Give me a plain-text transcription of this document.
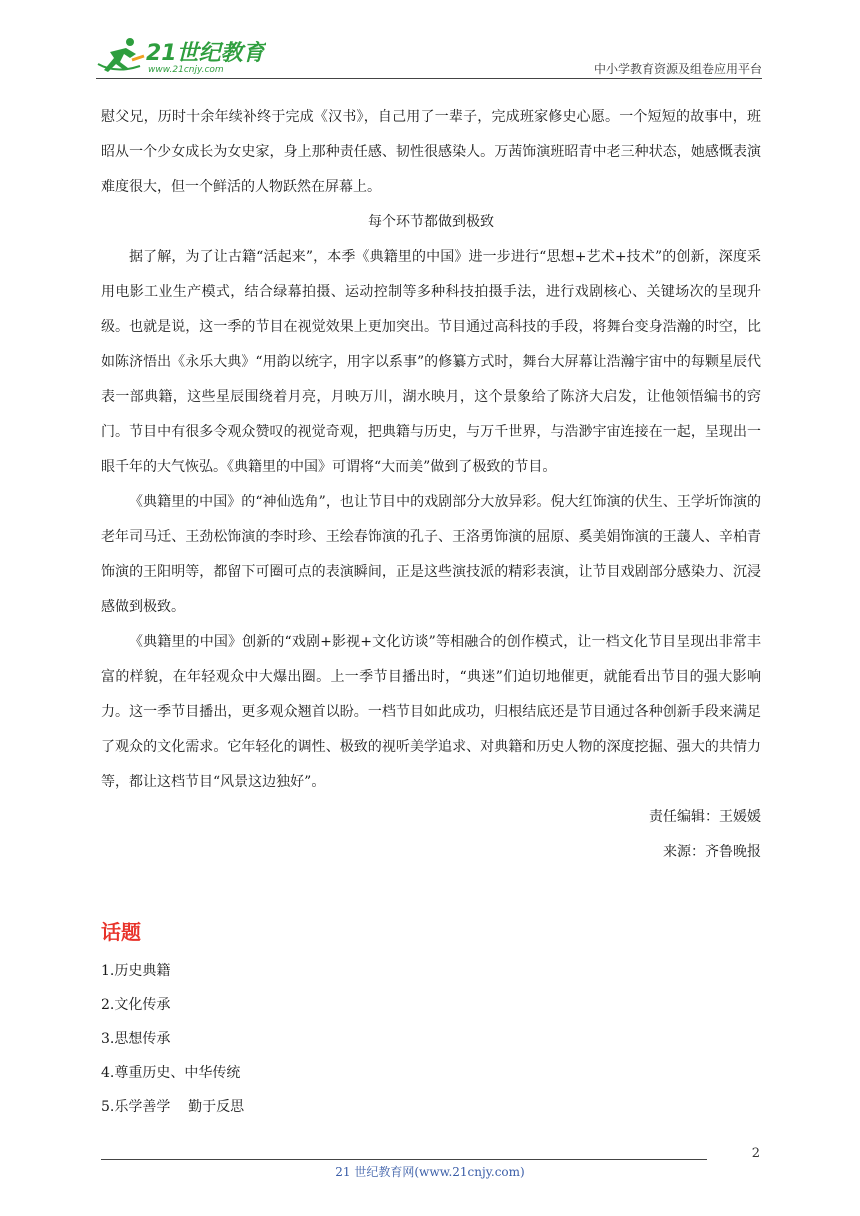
21世纪教育
www.21cnjy.com	中小学教育资源及组卷应用平台

慰父兄，历时十余年续补终于完成《汉书》，自己用了一辈子，完成班家修史心愿。一个短短的故事中，班昭从一个少女成长为女史家，身上那种责任感、韧性很感染人。万茜饰演班昭青中老三种状态，她感慨表演难度很大，但一个鲜活的人物跃然在屏幕上。

每个环节都做到极致

据了解，为了让古籍“活起来”，本季《典籍里的中国》进一步进行“思想+艺术+技术”的创新，深度采用电影工业生产模式，结合绿幕拍摄、运动控制等多种科技拍摄手法，进行戏剧核心、关键场次的呈现升级。也就是说，这一季的节目在视觉效果上更加突出。节目通过高科技的手段，将舞台变身浩瀚的时空，比如陈济悟出《永乐大典》“用韵以统字，用字以系事”的修纂方式时，舞台大屏幕让浩瀚宇宙中的每颗星辰代表一部典籍，这些星辰围绕着月亮，月映万川，湖水映月，这个景象给了陈济大启发，让他领悟编书的窍门。节目中有很多令观众赞叹的视觉奇观，把典籍与历史，与万千世界，与浩渺宇宙连接在一起，呈现出一眼千年的大气恢弘。《典籍里的中国》可谓将“大而美”做到了极致的节目。

《典籍里的中国》的“神仙选角”，也让节目中的戏剧部分大放异彩。倪大红饰演的伏生、王学圻饰演的老年司马迁、王劲松饰演的李时珍、王绘春饰演的孔子、王洛勇饰演的屈原、奚美娟饰演的王蘐人、辛柏青饰演的王阳明等，都留下可圈可点的表演瞬间，正是这些演技派的精彩表演，让节目戏剧部分感染力、沉浸感做到极致。

《典籍里的中国》创新的“戏剧+影视+文化访谈”等相融合的创作模式，让一档文化节目呈现出非常丰富的样貌，在年轻观众中大爆出圈。上一季节目播出时，“典迷”们迫切地催更，就能看出节目的强大影响力。这一季节目播出，更多观众翘首以盼。一档节目如此成功，归根结底还是节目通过各种创新手段来满足了观众的文化需求。它年轻化的调性、极致的视听美学追求、对典籍和历史人物的深度挖掘、强大的共情力等，都让这档节目“风景这边独好”。

责任编辑：王媛媛

来源：齐鲁晚报

话题
1.历史典籍
2.文化传承
3.思想传承
4.尊重历史、中华传统
5.乐学善学    勤于反思
2
21 世纪教育网(www.21cnjy.com)
